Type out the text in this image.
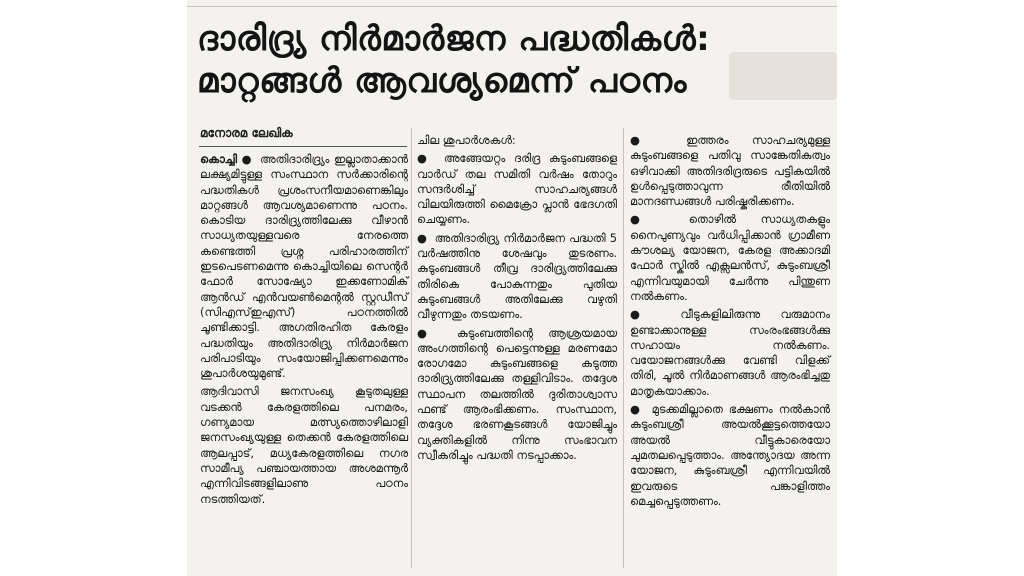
ദാരിദ്ര്യ നിർമാർജന പദ്ധതികൾ:
മാറ്റങ്ങൾ ആവശ്യമെന്ന് പഠനം
മനോരമ ലേഖിക

കൊച്ചി ● അതിദാരിദ്ര്യം ഇല്ലാതാക്കാൻ ലക്ഷ്യമിട്ടുള്ള സംസ്ഥാന സർക്കാരിന്റെ പദ്ധതികൾ പ്രശംസനീയമാണെങ്കിലും മാറ്റങ്ങൾ ആവശ്യമാണെന്നു പഠനം. കൊടിയ ദാരിദ്ര്യത്തിലേക്കു വീഴാൻ സാധ്യതയുള്ളവരെ നേരത്തെ കണ്ടെത്തി പ്രശ്ന പരിഹാരത്തിന് ഇടപെടണമെന്നു കൊച്ചിയിലെ സെന്റർ ഫോർ സോഷ്യോ ഇക്കണോമിക് ആൻഡ് എൻവയൺമെന്റൽ സ്റ്റഡീസ് (സിഎസ്ഇഎസ്) പഠനത്തിൽ ചൂണ്ടിക്കാട്ടി. അഗതിരഹിത കേരളം പദ്ധതിയും അതിദാരിദ്ര്യ നിർമാർജന പരിപാടിയും സംയോജിപ്പിക്കണമെന്നും ശുപാർശയുമുണ്ട്.

ആദിവാസി ജനസംഖ്യ കൂടുതലുള്ള വടക്കൻ കേരളത്തിലെ പനമരം, ഗണ്യമായ മത്സ്യത്തൊഴിലാളി ജനസംഖ്യയുള്ള തെക്കൻ കേരളത്തിലെ ആലപ്പാട്, മധ്യകേരളത്തിലെ നഗര സാമീപ്യ പഞ്ചായത്തായ അശമന്നൂർ എന്നിവിടങ്ങളിലാണു പഠനം നടത്തിയത്.

ചില ശുപാർശകൾ:

● അങ്ങേയറ്റം ദരിദ്ര കുടുംബങ്ങളെ വാർഡ് തല സമിതി വർഷം തോറും സന്ദർശിച്ച് സാഹചര്യങ്ങൾ വിലയിരുത്തി മൈക്രോ പ്ലാൻ ഭേദഗതി ചെയ്യണം.

● അതിദാരിദ്ര്യ നിർമാർജന പദ്ധതി 5 വർഷത്തിനു ശേഷവും തുടരണം. കുടുംബങ്ങൾ തീവ്ര ദാരിദ്ര്യത്തിലേക്കു തിരികെ പോകുന്നതും പുതിയ കുടുംബങ്ങൾ അതിലേക്കു വഴുതി വീഴുന്നതും തടയണം.

● കുടുംബത്തിന്റെ ആശ്രയമായ അംഗത്തിന്റെ പെട്ടെന്നുള്ള മരണമോ രോഗമോ കുടുംബങ്ങളെ കടുത്ത ദാരിദ്ര്യത്തിലേക്കു തള്ളിവിടാം. തദ്ദേശ സ്ഥാപന തലത്തിൽ ദുരിതാശ്വാസ ഫണ്ട് ആരംഭിക്കണം. സംസ്ഥാന, തദ്ദേശ ഭരണകൂടങ്ങൾ യോജിച്ചും വ്യക്തികളിൽ നിന്നു സംഭാവന സ്വീകരിച്ചും പദ്ധതി നടപ്പാക്കാം.

● ഇത്തരം സാഹചര്യമുള്ള കുടുംബങ്ങളെ പതിവു സാങ്കേതികത്വം ഒഴിവാക്കി അതിദരിദ്രരുടെ പട്ടികയിൽ ഉൾപ്പെടുത്താവുന്ന രീതിയിൽ മാനദണ്ഡങ്ങൾ പരിഷ്കരിക്കണം.

● തൊഴിൽ സാധ്യതകളും നൈപുണ്യവും വർധിപ്പിക്കാൻ ഗ്രാമീണ കൗശല്യ യോജന, കേരള അക്കാദമി ഫോർ സ്കിൽ എക്സലൻസ്, കുടുംബശ്രീ എന്നിവയുമായി ചേർന്നു പിന്തുണ നൽകണം.

● വീടുകളിലിരുന്നു വരുമാനം ഉണ്ടാക്കാനുള്ള സംരംഭങ്ങൾക്കു സഹായം നൽകണം. വയോജനങ്ങൾക്കു വേണ്ടി വിളക്ക് തിരി, ചൂൽ നിർമാണങ്ങൾ ആരംഭിച്ചതു മാതൃകയാക്കാം.

● മുടക്കമില്ലാതെ ഭക്ഷണം നൽകാൻ കുടുംബശ്രീ അയൽക്കൂട്ടത്തെയോ അയൽ വീട്ടുകാരെയോ ചുമതലപ്പെടുത്താം. അന്ത്യോദയ അന്ന യോജന, കുടുംബശ്രീ എന്നിവയിൽ ഇവരുടെ പങ്കാളിത്തം മെച്ചപ്പെടുത്തണം.
